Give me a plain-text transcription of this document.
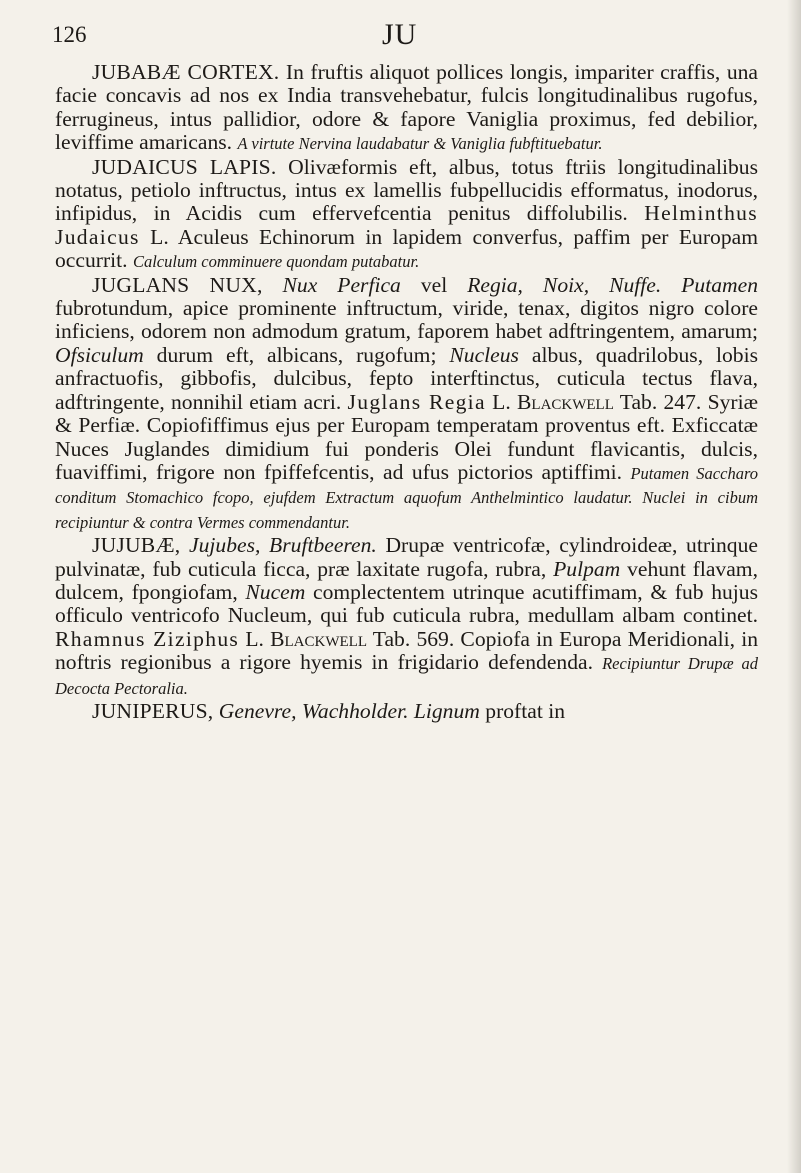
126	JU

JUBABÆ CORTEX. In fruftis aliquot pollices longis, impariter craffis, una facie concavis ad nos ex India transvehebatur, fulcis longitudinalibus rugofus, ferrugineus, intus pallidior, odore & fapore Vaniglia proximus, fed debilior, leviffime amaricans. A virtute Nervina laudabatur & Vaniglia fubftituebatur.

JUDAICUS LAPIS. Olivæformis eft, albus, totus ftriis longitudinalibus notatus, petiolo inftructus, intus ex lamellis fubpellucidis efformatus, inodorus, infipidus, in Acidis cum effervefcentia penitus diffolubilis. Helminthus Judaicus L. Aculeus Echinorum in lapidem converfus, paffim per Europam occurrit. Calculum comminuere quondam putabatur.

JUGLANS NUX, Nux Perfica vel Regia, Noix, Nuffe. Putamen fubrotundum, apice prominente inftructum, viride, tenax, digitos nigro colore inficiens, odorem non admodum gratum, faporem habet adftringentem, amarum; Ofsiculum durum eft, albicans, rugofum; Nucleus albus, quadrilobus, lobis anfractuofis, gibbofis, dulcibus, fepto interftinctus, cuticula tectus flava, adftringente, nonnihil etiam acri. Juglans Regia L. Blackwell Tab. 247. Syriæ & Perfiæ. Copiofiffimus ejus per Europam temperatam proventus eft. Exficcatæ Nuces Juglandes dimidium fui ponderis Olei fundunt flavicantis, dulcis, fuaviffimi, frigore non fpiffefcentis, ad ufus pictorios aptiffimi. Putamen Saccharo conditum Stomachico fcopo, ejufdem Extractum aquofum Anthelmintico laudatur. Nuclei in cibum recipiuntur & contra Vermes commendantur.

JUJUBÆ, Jujubes, Bruftbeeren. Drupæ ventricofæ, cylindroideæ, utrinque pulvinatæ, fub cuticula ficca, præ laxitate rugofa, rubra, Pulpam vehunt flavam, dulcem, fpongiofam, Nucem complectentem utrinque acutiffimam, & fub hujus officulo ventricofo Nucleum, qui fub cuticula rubra, medullam albam continet. Rhamnus Ziziphus L. Blackwell Tab. 569. Copiofa in Europa Meridionali, in noftris regionibus a rigore hyemis in frigidario defendenda. Recipiuntur Drupæ ad Decocta Pectoralia.

JUNIPERUS, Genevre, Wachholder. Lignum proftat in
